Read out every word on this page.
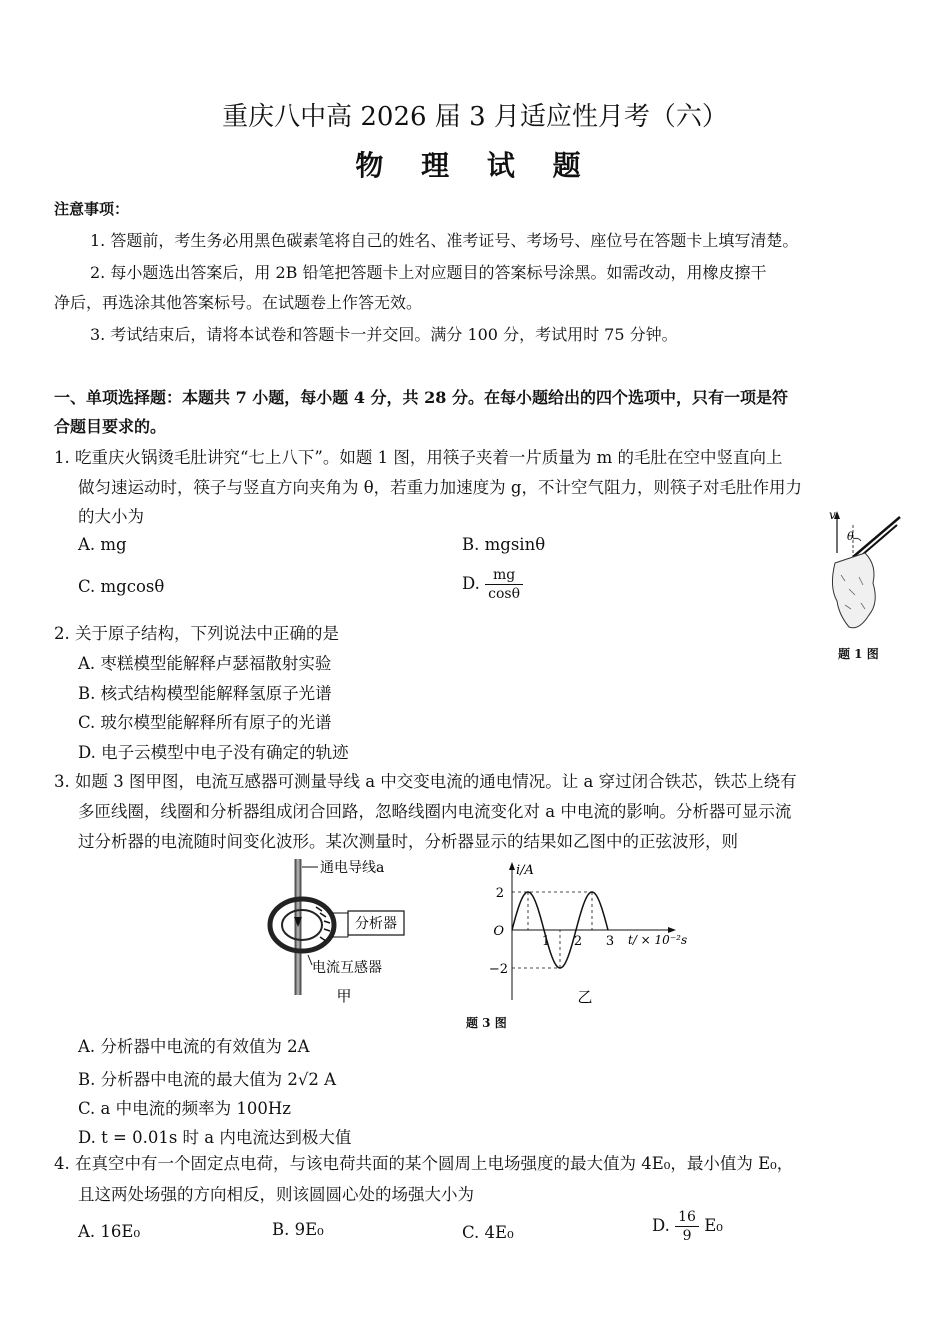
重庆八中高 2026 届 3 月适应性月考（六）
物 理 试 题
注意事项：
1. 答题前，考生务必用黑色碳素笔将自己的姓名、准考证号、考场号、座位号在答题卡上填写清楚。
2. 每小题选出答案后，用 2B 铅笔把答题卡上对应题目的答案标号涂黑。如需改动，用橡皮擦干
净后，再选涂其他答案标号。在试题卷上作答无效。
3. 考试结束后，请将本试卷和答题卡一并交回。满分 100 分，考试用时 75 分钟。
一、单项选择题：本题共 7 小题，每小题 4 分，共 28 分。在每小题给出的四个选项中，只有一项是符
合题目要求的。
1. 吃重庆火锅烫毛肚讲究“七上八下”。如题 1 图，用筷子夹着一片质量为 m 的毛肚在空中竖直向上
做匀速运动时，筷子与竖直方向夹角为 θ，若重力加速度为 g，不计空气阻力，则筷子对毛肚作用力
的大小为
A. mg	B. mgsinθ
C. mgcosθ	D. $\frac{mg}{\cos\theta}$
v
θ
题 1 图
2. 关于原子结构，下列说法中正确的是
A. 枣糕模型能解释卢瑟福散射实验
B. 核式结构模型能解释氢原子光谱
C. 玻尔模型能解释所有原子的光谱
D. 电子云模型中电子没有确定的轨迹
3. 如题 3 图甲图，电流互感器可测量导线 a 中交变电流的通电情况。让 a 穿过闭合铁芯，铁芯上绕有
多匝线圈，线圈和分析器组成闭合回路，忽略线圈内电流变化对 a 中电流的影响。分析器可显示流
过分析器的电流随时间变化波形。某次测量时，分析器显示的结果如乙图中的正弦波形，则
通电导线a
分析器
电流互感器
甲
i/A
t/ × 10⁻²s
2
O
−2
1 2 3
乙
题 3 图
A. 分析器中电流的有效值为 2A
B. 分析器中电流的最大值为 2√2 A
C. a 中电流的频率为 100Hz
D. t = 0.01s 时 a 内电流达到极大值
4. 在真空中有一个固定点电荷，与该电荷共面的某个圆周上电场强度的最大值为 4E₀，最小值为 E₀，
且这两处场强的方向相反，则该圆圆心处的场强大小为
A. 16E₀	B. 9E₀	C. 4E₀	D. $\frac{16}{9} E_0$
